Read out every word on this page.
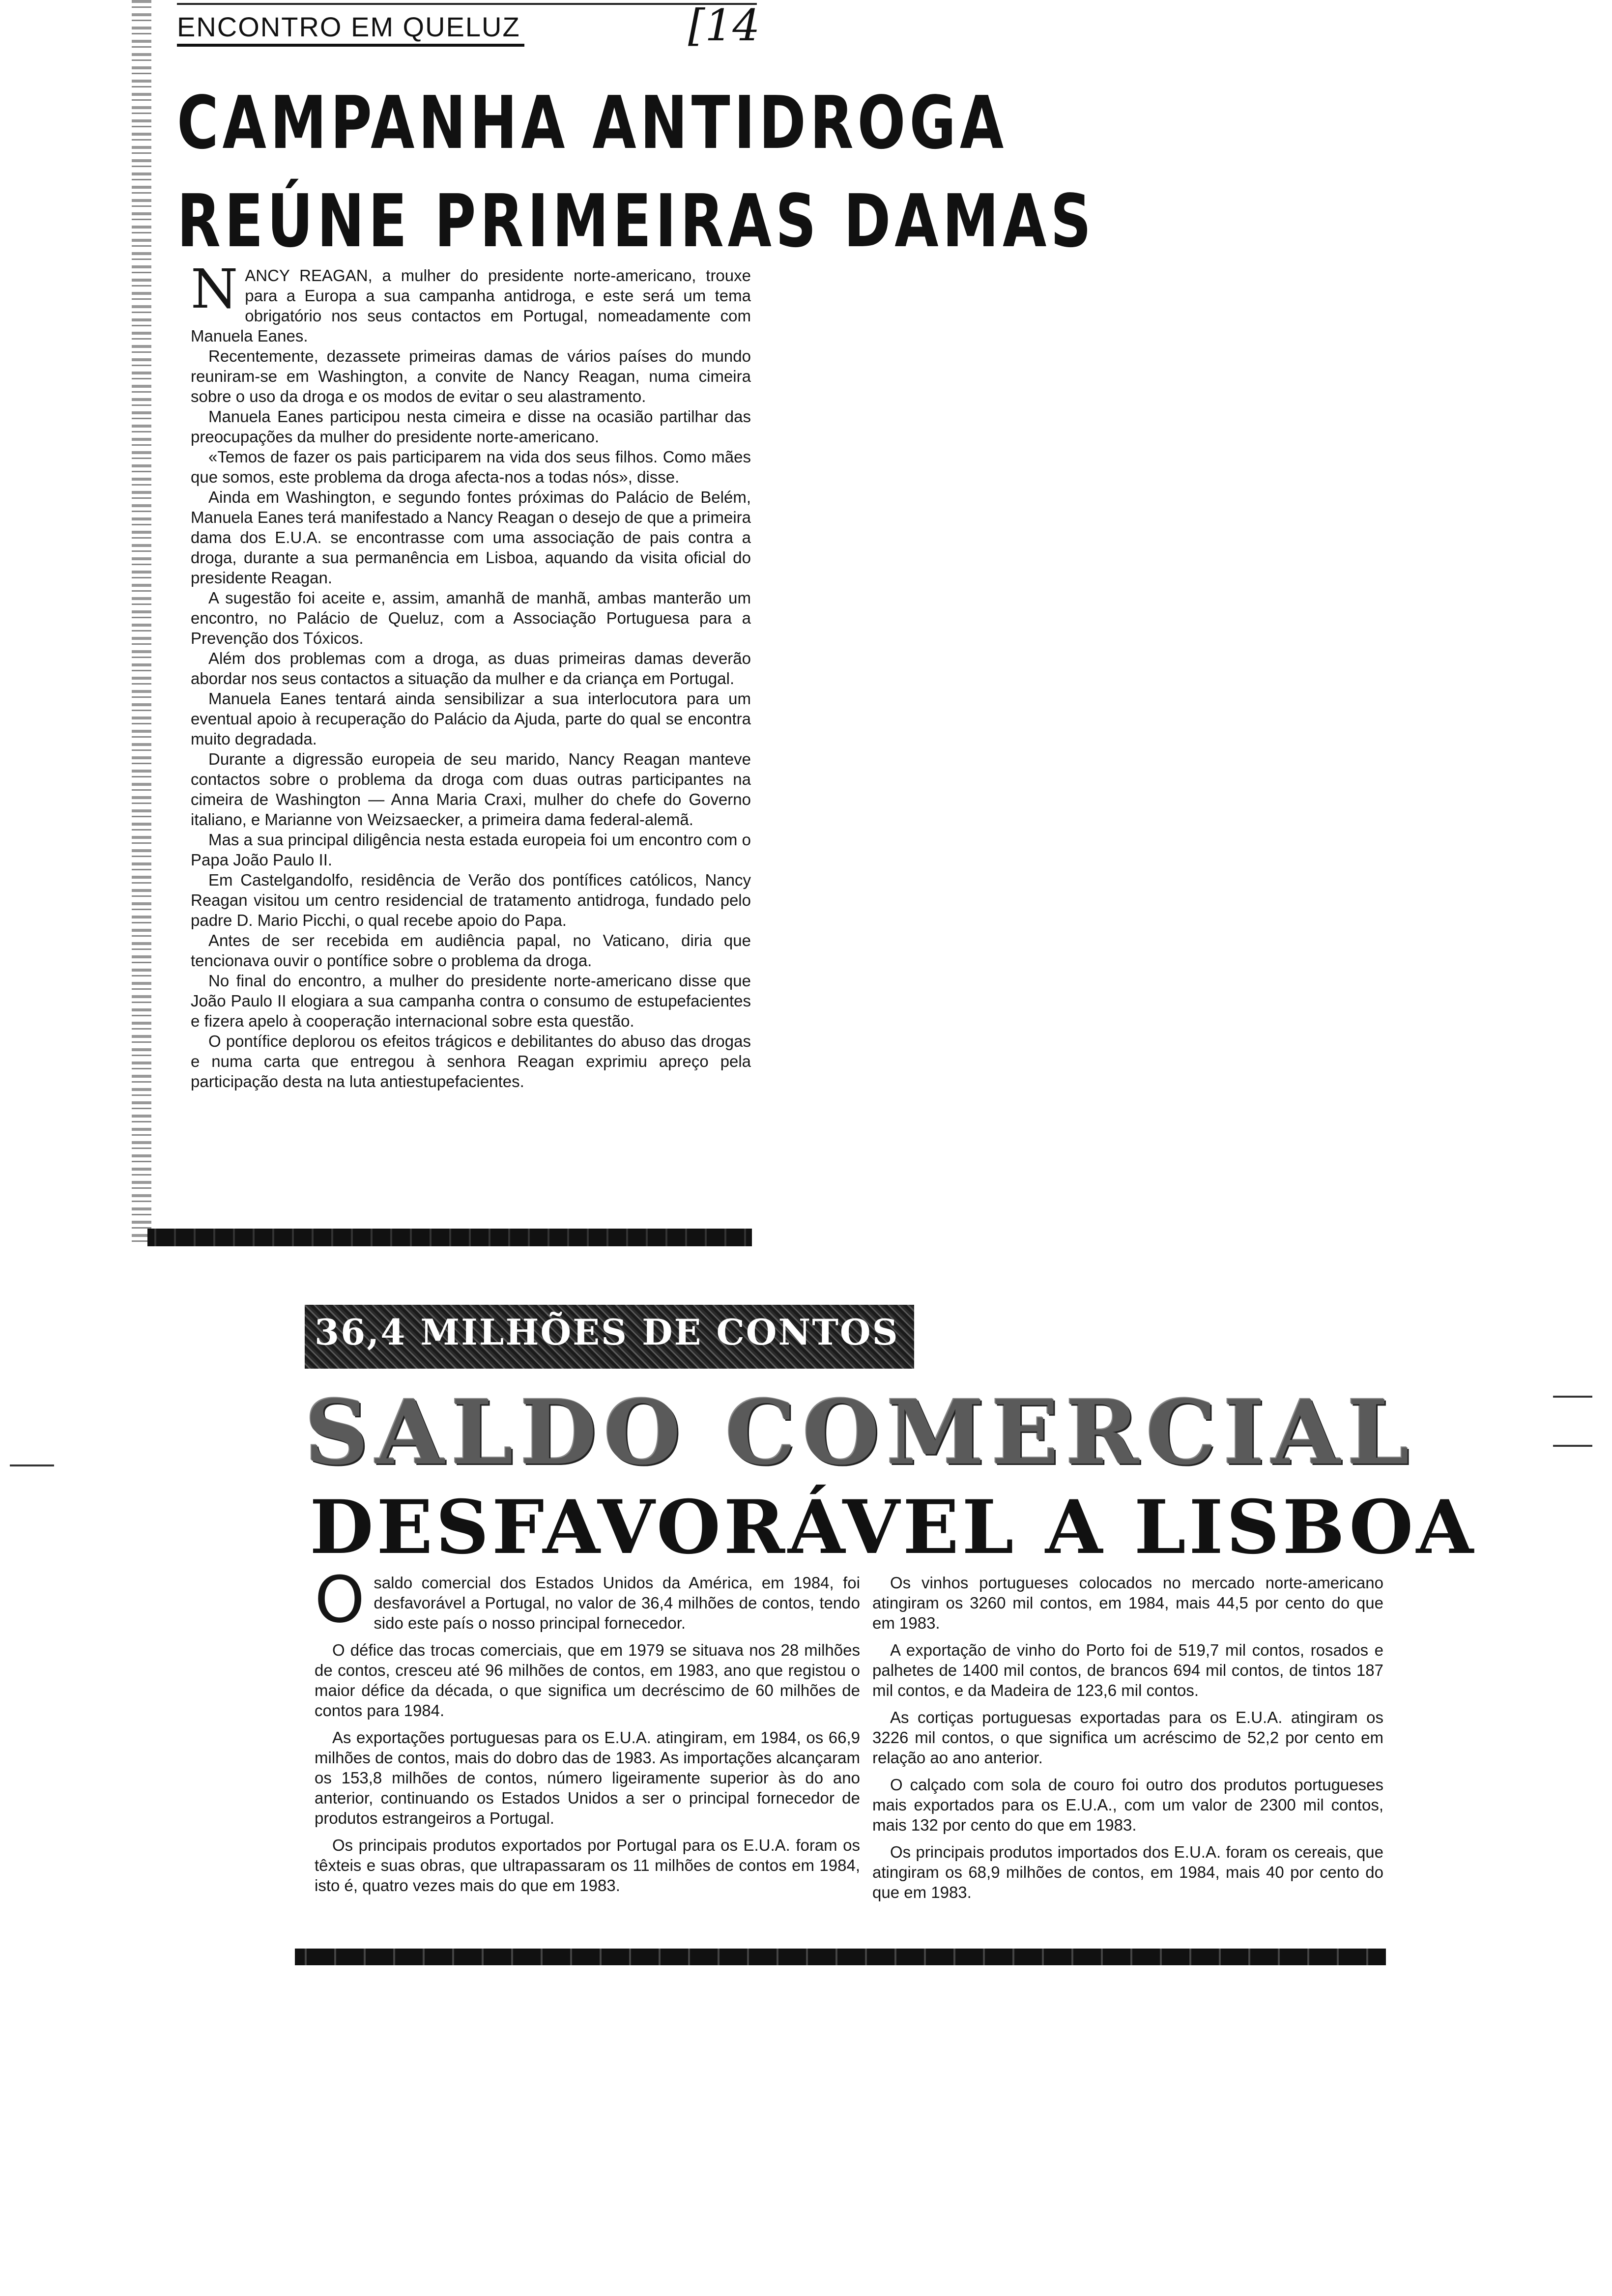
ENCONTRO EM QUELUZ	[14
CAMPANHA ANTIDROGA
REÚNE PRIMEIRAS DAMAS

NANCY REAGAN, a mulher do presidente norte-americano, trouxe para a Europa a sua campanha antidroga, e este será um tema obrigatório nos seus contactos em Portugal, nomeadamente com Manuela Eanes.

Recentemente, dezassete primeiras damas de vários países do mundo reuniram-se em Washington, a convite de Nancy Reagan, numa cimeira sobre o uso da droga e os modos de evitar o seu alastramento.

Manuela Eanes participou nesta cimeira e disse na ocasião partilhar das preocupações da mulher do presidente norte-americano.

«Temos de fazer os pais participarem na vida dos seus filhos. Como mães que somos, este problema da droga afecta-nos a todas nós», disse.

Ainda em Washington, e segundo fontes próximas do Palácio de Belém, Manuela Eanes terá manifestado a Nancy Reagan o desejo de que a primeira dama dos E.U.A. se encontrasse com uma associação de pais contra a droga, durante a sua permanência em Lisboa, aquando da visita oficial do presidente Reagan.

A sugestão foi aceite e, assim, amanhã de manhã, ambas manterão um encontro, no Palácio de Queluz, com a Associação Portuguesa para a Prevenção dos Tóxicos.

Além dos problemas com a droga, as duas primeiras damas deverão abordar nos seus contactos a situação da mulher e da criança em Portugal.

Manuela Eanes tentará ainda sensibilizar a sua interlocutora para um eventual apoio à recuperação do Palácio da Ajuda, parte do qual se encontra muito degradada.

Durante a digressão europeia de seu marido, Nancy Reagan manteve contactos sobre o problema da droga com duas outras participantes na cimeira de Washington — Anna Maria Craxi, mulher do chefe do Governo italiano, e Marianne von Weizsaecker, a primeira dama federal-alemã.

Mas a sua principal diligência nesta estada europeia foi um encontro com o Papa João Paulo II.

Em Castelgandolfo, residência de Verão dos pontífices católicos, Nancy Reagan visitou um centro residencial de tratamento antidroga, fundado pelo padre D. Mario Picchi, o qual recebe apoio do Papa.

Antes de ser recebida em audiência papal, no Vaticano, diria que tencionava ouvir o pontífice sobre o problema da droga.

No final do encontro, a mulher do presidente norte-americano disse que João Paulo II elogiara a sua campanha contra o consumo de estupefacientes e fizera apelo à cooperação internacional sobre esta questão.

O pontífice deplorou os efeitos trágicos e debilitantes do abuso das drogas e numa carta que entregou à senhora Reagan exprimiu apreço pela participação desta na luta antiestupefacientes.

36,4 MILHÕES DE CONTOS
SALDO COMERCIAL
DESFAVORÁVEL A LISBOA

Osaldo comercial dos Estados Unidos da América, em 1984, foi desfavorável a Portugal, no valor de 36,4 milhões de contos, tendo sido este país o nosso principal fornecedor.

O défice das trocas comerciais, que em 1979 se situava nos 28 milhões de contos, cresceu até 96 milhões de contos, em 1983, ano que registou o maior défice da década, o que significa um decréscimo de 60 milhões de contos para 1984.

As exportações portuguesas para os E.U.A. atingiram, em 1984, os 66,9 milhões de contos, mais do dobro das de 1983. As importações alcançaram os 153,8 milhões de contos, número ligeiramente superior às do ano anterior, continuando os Estados Unidos a ser o principal fornecedor de produtos estrangeiros a Portugal.

Os principais produtos exportados por Portugal para os E.U.A. foram os têxteis e suas obras, que ultrapassaram os 11 milhões de contos em 1984, isto é, quatro vezes mais do que em 1983.

Os vinhos portugueses colocados no mercado norte-americano atingiram os 3260 mil contos, em 1984, mais 44,5 por cento do que em 1983.

A exportação de vinho do Porto foi de 519,7 mil contos, rosados e palhetes de 1400 mil contos, de brancos 694 mil contos, de tintos 187 mil contos, e da Madeira de 123,6 mil contos.

As cortiças portuguesas exportadas para os E.U.A. atingiram os 3226 mil contos, o que significa um acréscimo de 52,2 por cento em relação ao ano anterior.

O calçado com sola de couro foi outro dos produtos portugueses mais exportados para os E.U.A., com um valor de 2300 mil contos, mais 132 por cento do que em 1983.

Os principais produtos importados dos E.U.A. foram os cereais, que atingiram os 68,9 milhões de contos, em 1984, mais 40 por cento do que em 1983.
